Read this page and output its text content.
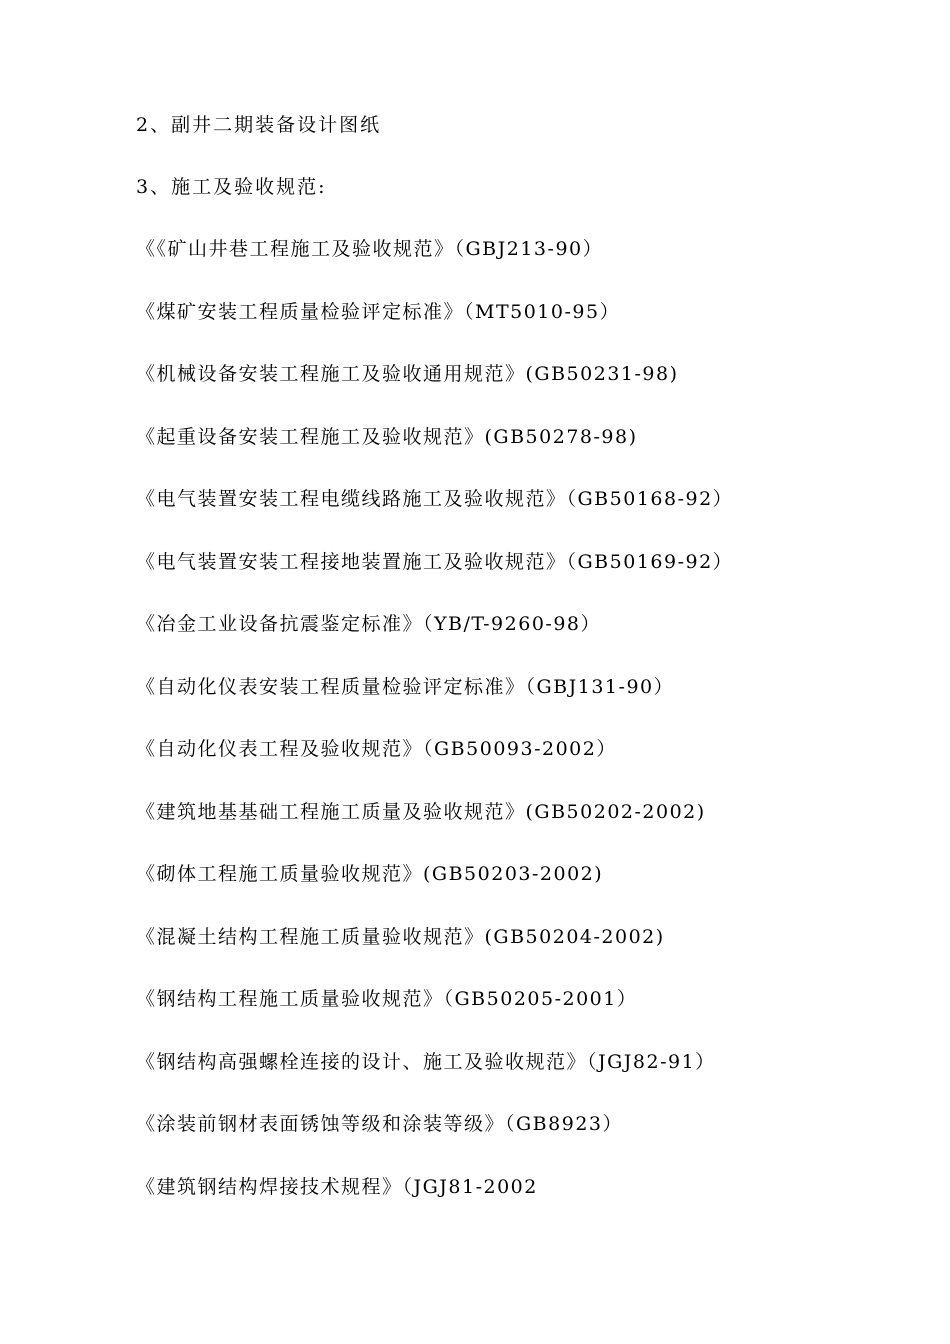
2、副井二期装备设计图纸
3、施工及验收规范:
《《矿山井巷工程施工及验收规范》（GBJ213-90）
《煤矿安装工程质量检验评定标准》（MT5010-95）
《机械设备安装工程施工及验收通用规范》(GB50231-98)
《起重设备安装工程施工及验收规范》(GB50278-98)
《电气装置安装工程电缆线路施工及验收规范》（GB50168-92）
《电气装置安装工程接地装置施工及验收规范》（GB50169-92）
《冶金工业设备抗震鉴定标准》（YB/T-9260-98）
《自动化仪表安装工程质量检验评定标准》（GBJ131-90）
《自动化仪表工程及验收规范》（GB50093-2002）
《建筑地基基础工程施工质量及验收规范》(GB50202-2002)
《砌体工程施工质量验收规范》(GB50203-2002)
《混凝土结构工程施工质量验收规范》(GB50204-2002)
《钢结构工程施工质量验收规范》（GB50205-2001）
《钢结构高强螺栓连接的设计、施工及验收规范》（JGJ82-91）
《涂装前钢材表面锈蚀等级和涂装等级》（GB8923）
《建筑钢结构焊接技术规程》（JGJ81-2002
